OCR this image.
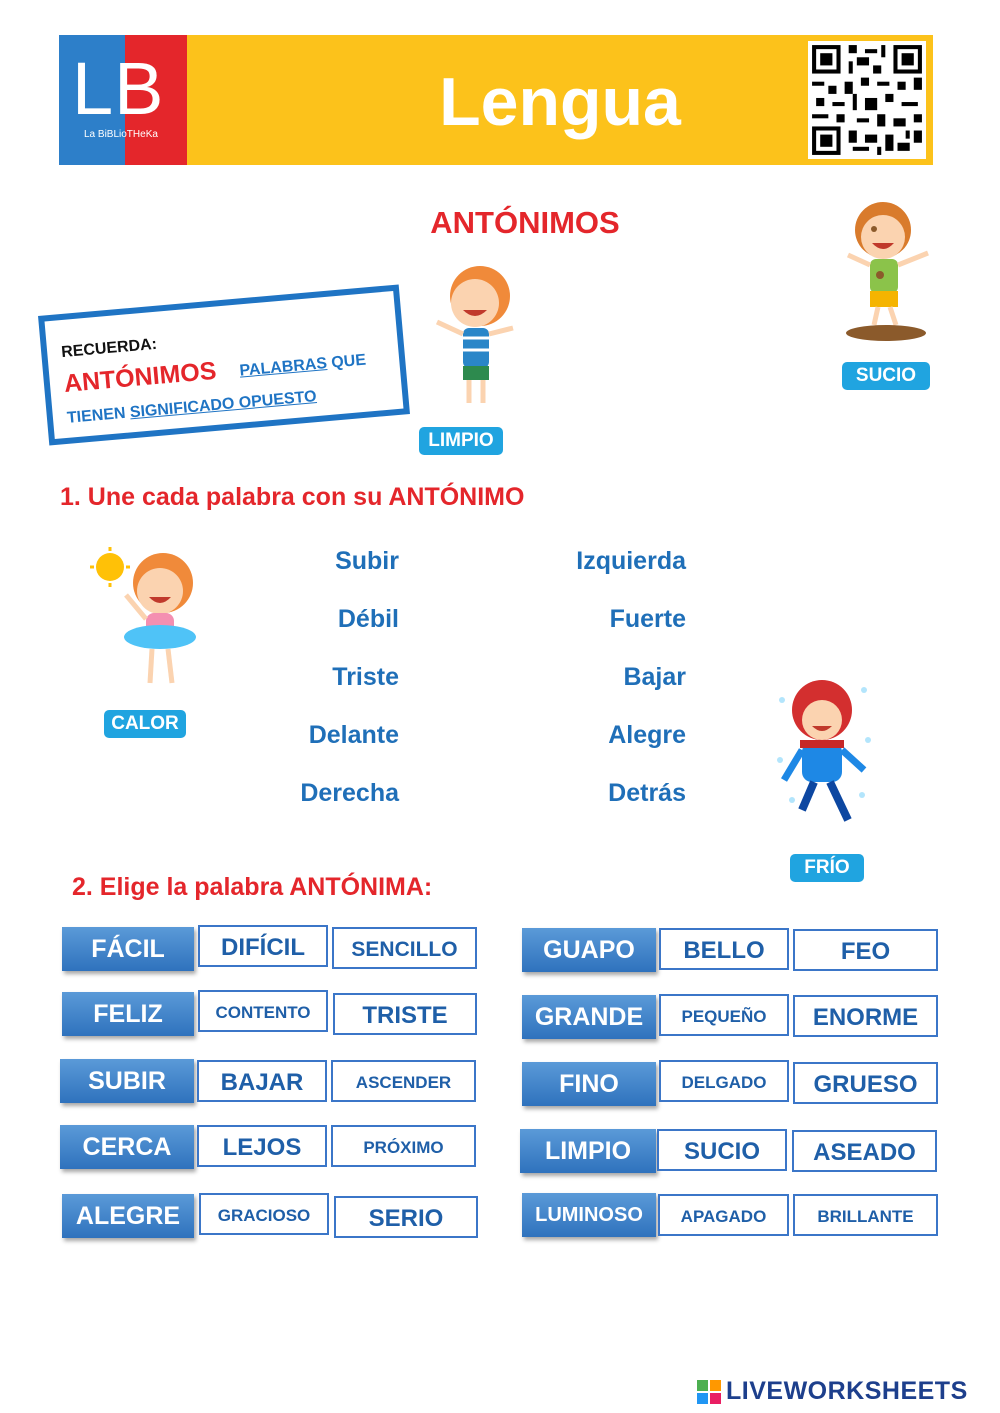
LB
La BiBLioTHeKa	Lengua
ANTÓNIMOS
RECUERDA:
ANTÓNIMOS PALABRAS QUE
TIENEN SIGNIFICADO OPUESTO
LIMPIO
SUCIO
1. Une cada palabra con su ANTÓNIMO
CALOR
Subir
Débil
Triste
Delante
Derecha
Izquierda
Fuerte
Bajar
Alegre
Detrás
FRÍO
2. Elige la palabra ANTÓNIMA:
FÁCIL	DIFÍCIL	SENCILLO
FELIZ	CONTENTO	TRISTE
SUBIR	BAJAR	ASCENDER
CERCA	LEJOS	PRÓXIMO
ALEGRE	GRACIOSO	SERIO
GUAPO	BELLO	FEO
GRANDE	PEQUEÑO	ENORME
FINO	DELGADO	GRUESO
LIMPIO	SUCIO	ASEADO
LUMINOSO	APAGADO	BRILLANTE
LIVEWORKSHEETS
